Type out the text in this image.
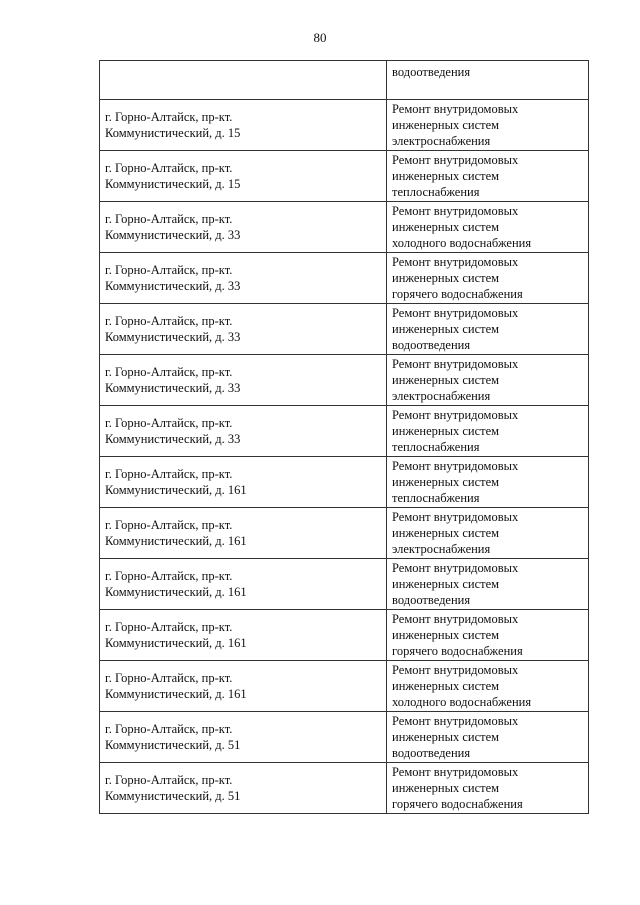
80

	водоотведения

г. Горно-Алтайск, пр-кт.
Коммунистический, д. 15	Ремонт внутридомовых
инженерных систем
электроснабжения

г. Горно-Алтайск, пр-кт.
Коммунистический, д. 15	Ремонт внутридомовых
инженерных систем
теплоснабжения

г. Горно-Алтайск, пр-кт.
Коммунистический, д. 33	Ремонт внутридомовых
инженерных систем
холодного водоснабжения

г. Горно-Алтайск, пр-кт.
Коммунистический, д. 33	Ремонт внутридомовых
инженерных систем
горячего водоснабжения

г. Горно-Алтайск, пр-кт.
Коммунистический, д. 33	Ремонт внутридомовых
инженерных систем
водоотведения

г. Горно-Алтайск, пр-кт.
Коммунистический, д. 33	Ремонт внутридомовых
инженерных систем
электроснабжения

г. Горно-Алтайск, пр-кт.
Коммунистический, д. 33	Ремонт внутридомовых
инженерных систем
теплоснабжения

г. Горно-Алтайск, пр-кт.
Коммунистический, д. 161	Ремонт внутридомовых
инженерных систем
теплоснабжения

г. Горно-Алтайск, пр-кт.
Коммунистический, д. 161	Ремонт внутридомовых
инженерных систем
электроснабжения

г. Горно-Алтайск, пр-кт.
Коммунистический, д. 161	Ремонт внутридомовых
инженерных систем
водоотведения

г. Горно-Алтайск, пр-кт.
Коммунистический, д. 161	Ремонт внутридомовых
инженерных систем
горячего водоснабжения

г. Горно-Алтайск, пр-кт.
Коммунистический, д. 161	Ремонт внутридомовых
инженерных систем
холодного водоснабжения

г. Горно-Алтайск, пр-кт.
Коммунистический, д. 51	Ремонт внутридомовых
инженерных систем
водоотведения

г. Горно-Алтайск, пр-кт.
Коммунистический, д. 51	Ремонт внутридомовых
инженерных систем
горячего водоснабжения
